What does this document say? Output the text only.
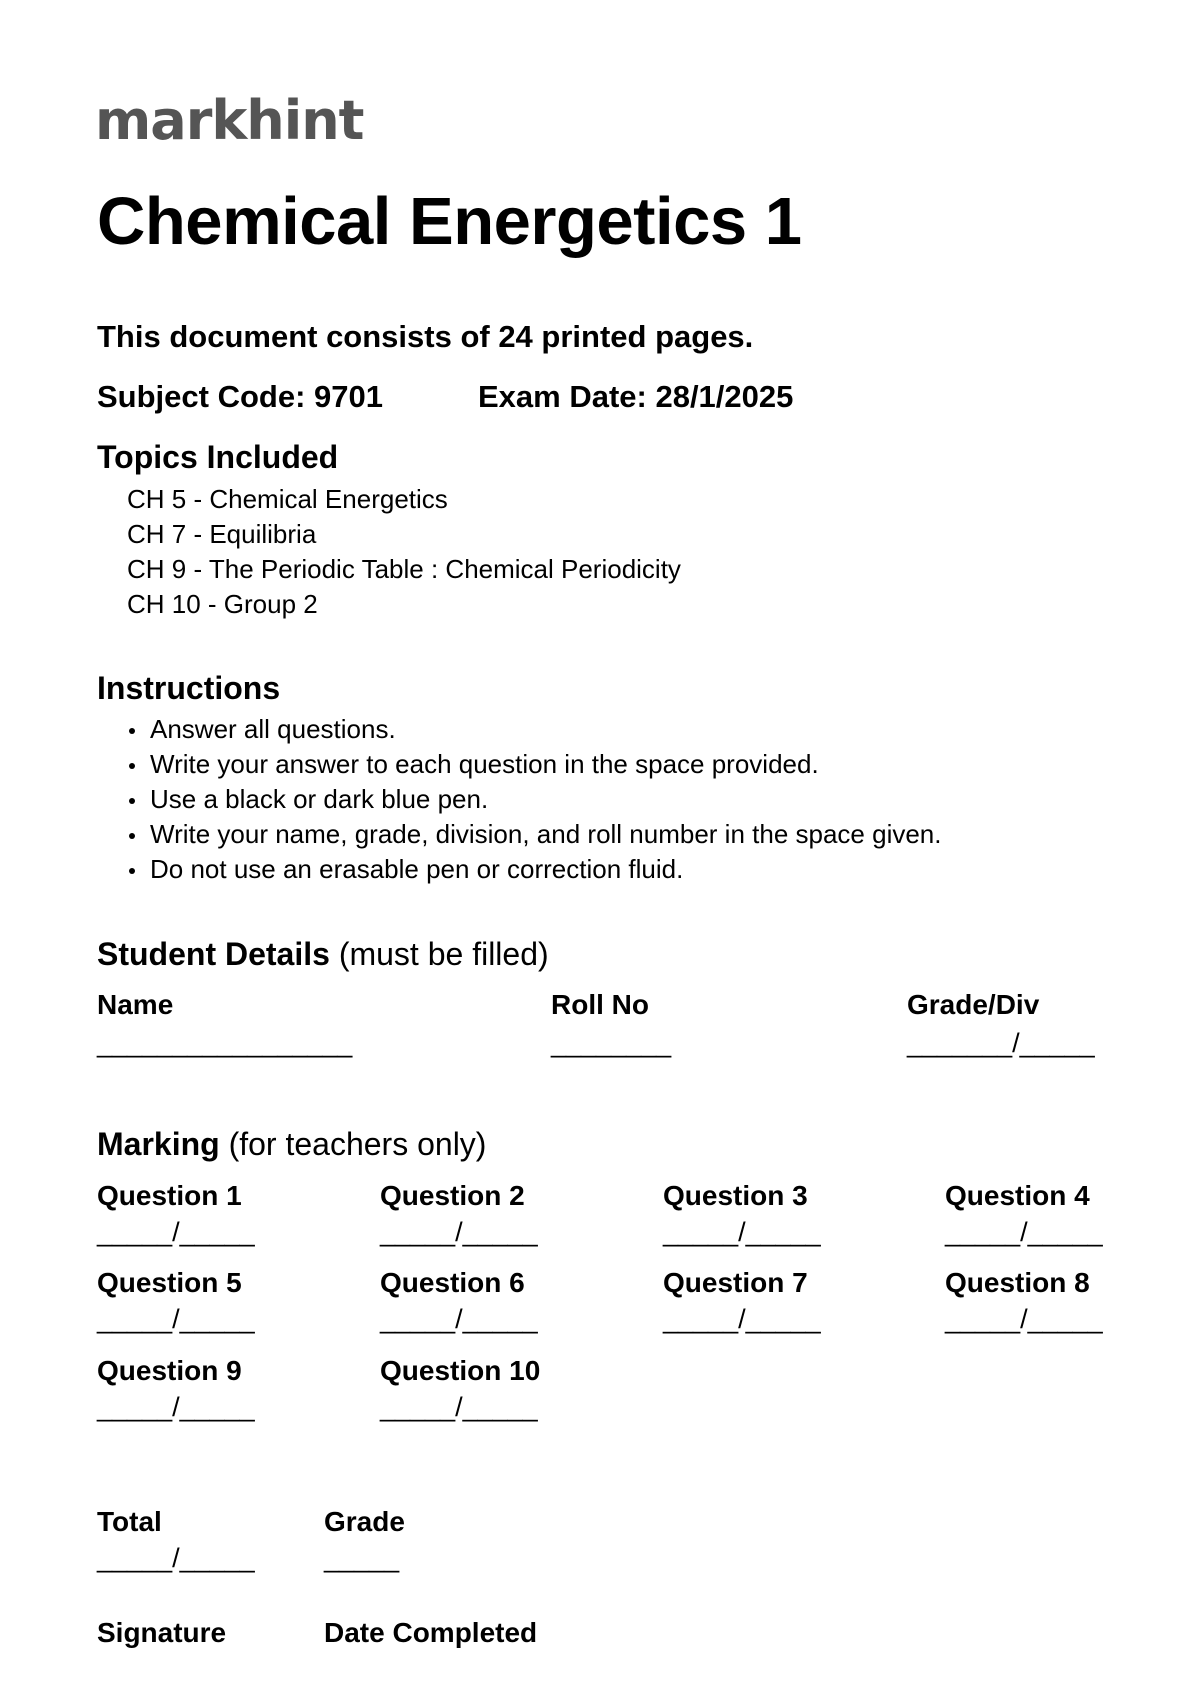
markhint
Chemical Energetics 1
This document consists of 24 printed pages.
Subject Code: 9701	Exam Date: 28/1/2025
Topics Included
CH 5 - Chemical Energetics
CH 7 - Equilibria
CH 9 - The Periodic Table : Chemical Periodicity
CH 10 - Group 2
Instructions
Answer all questions.
Write your answer to each question in the space provided.
Use a black or dark blue pen.
Write your name, grade, division, and roll number in the space given.
Do not use an erasable pen or correction fluid.
Student Details (must be filled)
Name
_________________
Roll No
________
Grade/Div
_______/_____
Marking (for teachers only)
Question 1
_____/_____
Question 2
_____/_____
Question 3
_____/_____
Question 4
_____/_____
Question 5
_____/_____
Question 6
_____/_____
Question 7
_____/_____
Question 8
_____/_____
Question 9
_____/_____
Question 10
_____/_____
Total
_____/_____
Grade
_____
Signature	Date Completed
